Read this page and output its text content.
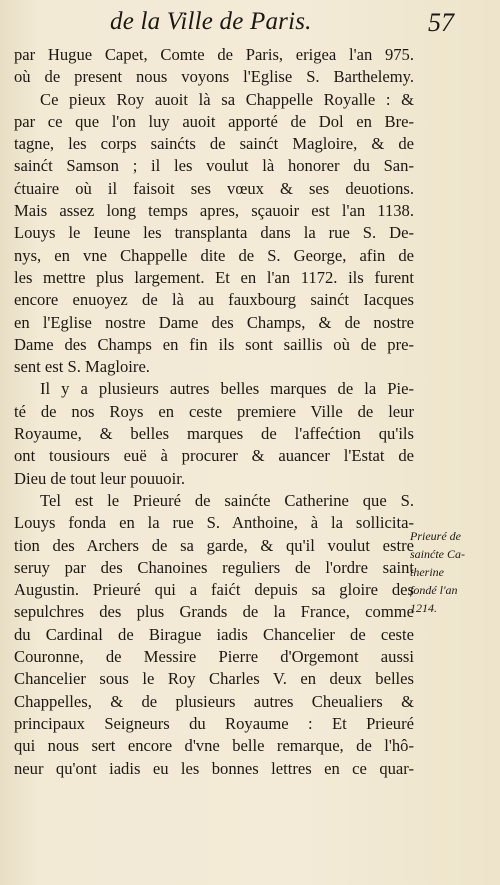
de la Ville de Paris.	57
par Hugue Capet, Comte de Paris, erigea l'an 975.
où de present nous voyons l'Eglise S. Barthelemy.
Ce pieux Roy auoit là sa Chappelle Royalle : &
par ce que l'on luy auoit apporté de Dol en Bre-
tagne, les corps sainćts de sainćt Magloire, & de
sainćt Samson ; il les voulut là honorer du San-
ćtuaire où il faisoit ses vœux & ses deuotions.
Mais assez long temps apres, sçauoir est l'an 1138.
Louys le Ieune les transplanta dans la rue S. De-
nys, en vne Chappelle dite de S. George, afin de
les mettre plus largement. Et en l'an 1172. ils furent
encore enuoyez de là au fauxbourg sainćt Iacques
en l'Eglise nostre Dame des Champs, & de nostre
Dame des Champs en fin ils sont saillis où de pre-
sent est S. Magloire.
Il y a plusieurs autres belles marques de la Pie-
té de nos Roys en ceste premiere Ville de leur
Royaume, & belles marques de l'affećtion qu'ils
ont tousiours euë à procurer & auancer l'Estat de
Dieu de tout leur pouuoir.
Tel est le Prieuré de sainćte Catherine que S.
Louys fonda en la rue S. Anthoine, à la sollicita-
tion des Archers de sa garde, & qu'il voulut estre
seruy par des Chanoines reguliers de l'ordre saint
Augustin. Prieuré qui a faićt depuis sa gloire des
sepulchres des plus Grands de la France, comme
du Cardinal de Birague iadis Chancelier de ceste
Couronne, de Messire Pierre d'Orgemont aussi
Chancelier sous le Roy Charles V. en deux belles
Chappelles, & de plusieurs autres Cheualiers &
principaux Seigneurs du Royaume : Et Prieuré
qui nous sert encore d'vne belle remarque, de l'hô-
neur qu'ont iadis eu les bonnes lettres en ce quar-
Prieuré de
sainćte Ca-
therine
fondé l'an
1214.
